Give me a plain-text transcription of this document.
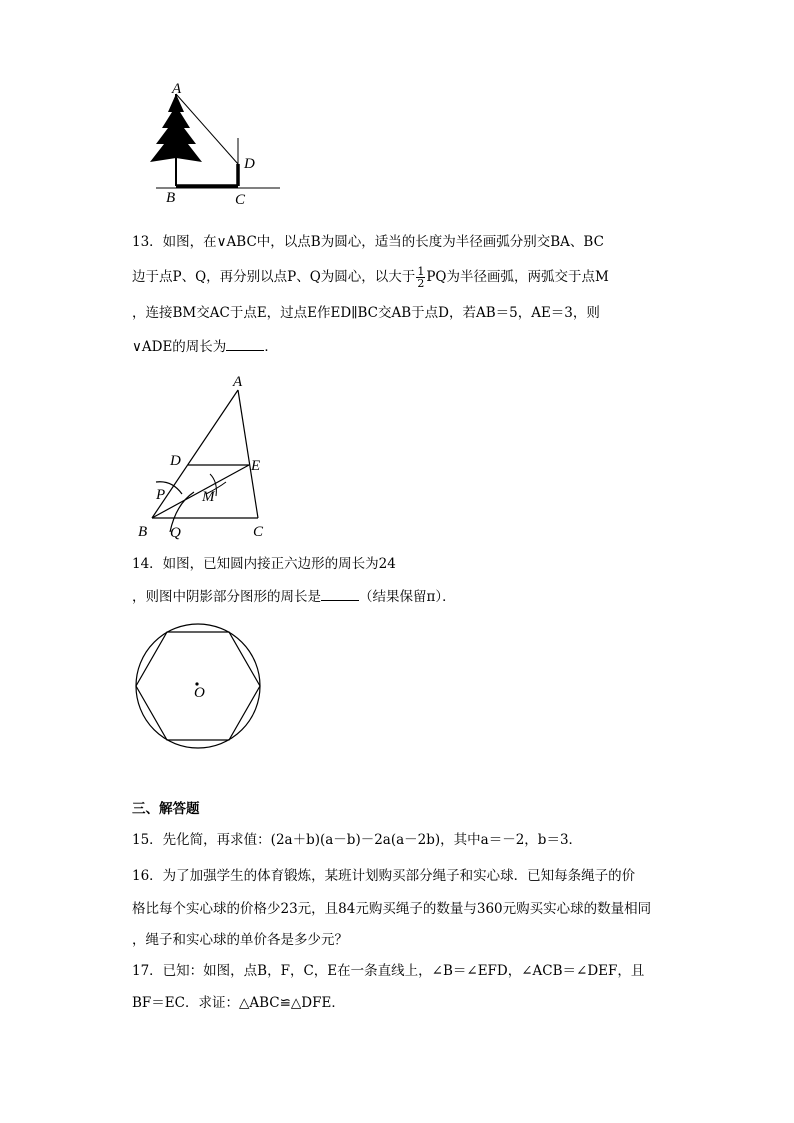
A
B	C
D
13．如图，在∨ABC中，以点B为圆心，适当的长度为半径画弧分别交BA、BC
边于点P、Q，再分别以点P、Q为圆心，以大于 $\frac{1}{2}$ PQ为半径画弧，两弧交于点M
，连接BM交AC于点E，过点E作ED∥BC交AB于点D，若AB＝5，AE＝3，则
∨ADE的周长为	．
A
D	E
P M
B Q	C
14．如图，已知圆内接正六边形的周长为24
，则图中阴影部分图形的周长是	（结果保留π）．
O
三、解答题
15．先化简，再求值：(2a＋b)(a－b)－2a(a－2b)，其中a＝－2，b＝3．
16．为了加强学生的体育锻炼，某班计划购买部分绳子和实心球．已知每条绳子的价
格比每个实心球的价格少23元，且84元购买绳子的数量与360元购买实心球的数量相同
，绳子和实心球的单价各是多少元？
17．已知：如图，点B，F，C，E在一条直线上，∠B＝∠EFD，∠ACB＝∠DEF，且
BF＝EC．求证：△ABC≌△DFE．
